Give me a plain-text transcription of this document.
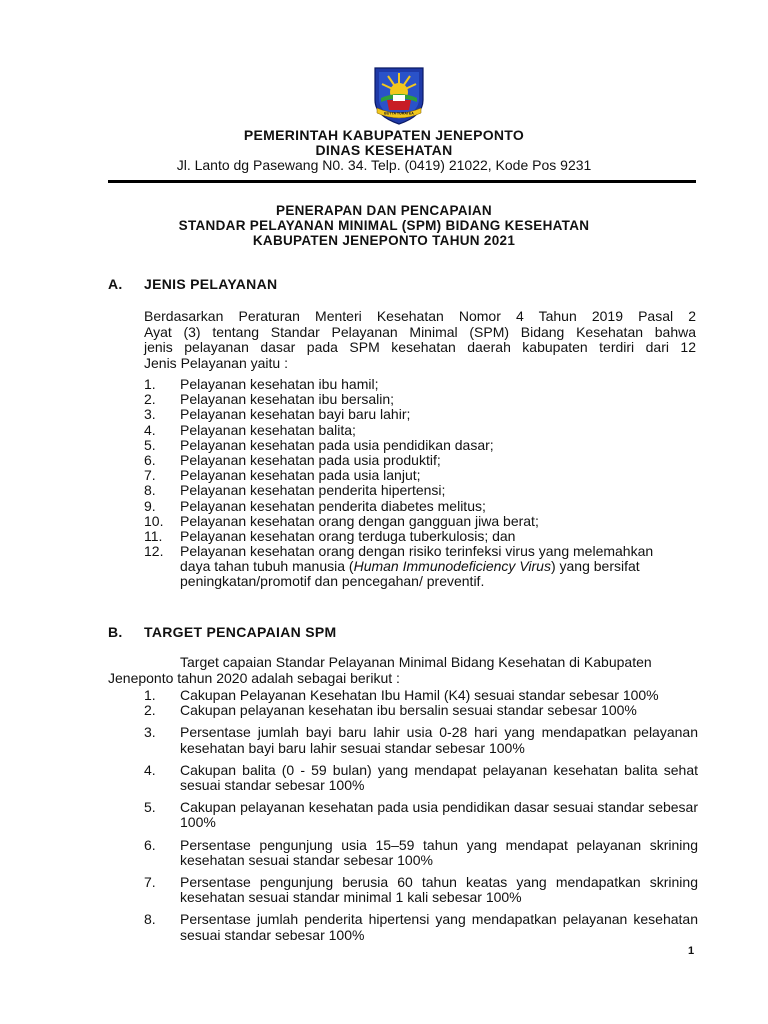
BUTTA TURATEA
PEMERINTAH KABUPATEN JENEPONTO
DINAS KESEHATAN
Jl. Lanto dg Pasewang N0. 34. Telp. (0419) 21022, Kode Pos 9231
PENERAPAN DAN PENCAPAIAN
STANDAR PELAYANAN MINIMAL (SPM) BIDANG KESEHATAN
KABUPATEN JENEPONTO TAHUN 2021
A. JENIS PELAYANAN
Berdasarkan Peraturan Menteri Kesehatan Nomor 4 Tahun 2019 Pasal 2
Ayat (3) tentang Standar Pelayanan Minimal (SPM) Bidang Kesehatan bahwa
jenis pelayanan dasar pada SPM kesehatan daerah kabupaten terdiri dari 12
Jenis Pelayanan yaitu :
1. Pelayanan kesehatan ibu hamil;
2. Pelayanan kesehatan ibu bersalin;
3. Pelayanan kesehatan bayi baru lahir;
4. Pelayanan kesehatan balita;
5. Pelayanan kesehatan pada usia pendidikan dasar;
6. Pelayanan kesehatan pada usia produktif;
7. Pelayanan kesehatan pada usia lanjut;
8. Pelayanan kesehatan penderita hipertensi;
9. Pelayanan kesehatan penderita diabetes melitus;
10. Pelayanan kesehatan orang dengan gangguan jiwa berat;
11. Pelayanan kesehatan orang terduga tuberkulosis; dan
12. Pelayanan kesehatan orang dengan risiko terinfeksi virus yang melemahkan
daya tahan tubuh manusia (Human Immunodeficiency Virus) yang bersifat
peningkatan/promotif dan pencegahan/ preventif.
B. TARGET PENCAPAIAN SPM
Target capaian Standar Pelayanan Minimal Bidang Kesehatan di Kabupaten
Jeneponto tahun 2020 adalah sebagai berikut :
1. Cakupan Pelayanan Kesehatan Ibu Hamil (K4) sesuai standar sebesar 100%
2. Cakupan pelayanan kesehatan ibu bersalin sesuai standar sebesar 100%
3. Persentase jumlah bayi baru lahir usia 0-28 hari yang mendapatkan pelayanan kesehatan bayi baru lahir sesuai standar sebesar 100%
4. Cakupan balita (0 - 59 bulan) yang mendapat pelayanan kesehatan balita sehat sesuai standar sebesar 100%
5. Cakupan pelayanan kesehatan pada usia pendidikan dasar sesuai standar sebesar 100%
6. Persentase pengunjung usia 15–59 tahun yang mendapat pelayanan skrining kesehatan sesuai standar sebesar 100%
7. Persentase pengunjung berusia 60 tahun keatas yang mendapatkan skrining kesehatan sesuai standar minimal 1 kali sebesar 100%
8. Persentase jumlah penderita hipertensi yang mendapatkan pelayanan kesehatan sesuai standar sebesar 100%
1
